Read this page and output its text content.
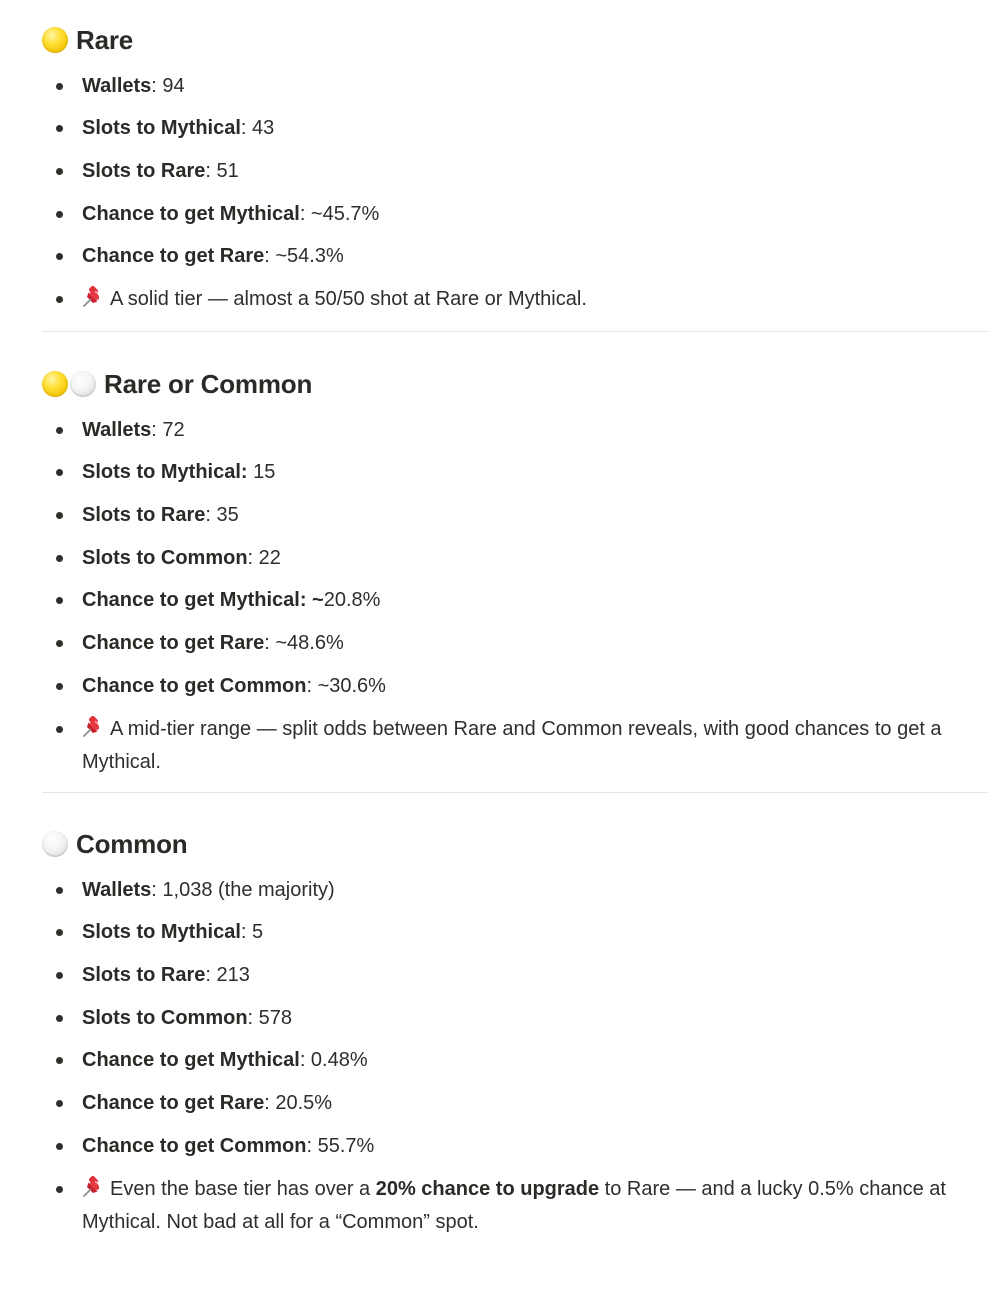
Rare
Wallets: 94
Slots to Mythical: 43
Slots to Rare: 51
Chance to get Mythical: ~45.7%
Chance to get Rare: ~54.3%
A solid tier — almost a 50/50 shot at Rare or Mythical.
Rare or Common
Wallets: 72
Slots to Mythical: 15
Slots to Rare: 35
Slots to Common: 22
Chance to get Mythical: ~20.8%
Chance to get Rare: ~48.6%
Chance to get Common: ~30.6%
A mid-tier range — split odds between Rare and Common reveals, with good chances to get a Mythical.
Common
Wallets: 1,038 (the majority)
Slots to Mythical: 5
Slots to Rare: 213
Slots to Common: 578
Chance to get Mythical: 0.48%
Chance to get Rare: 20.5%
Chance to get Common: 55.7%
Even the base tier has over a 20% chance to upgrade to Rare — and a lucky 0.5% chance at Mythical. Not bad at all for a “Common” spot.
